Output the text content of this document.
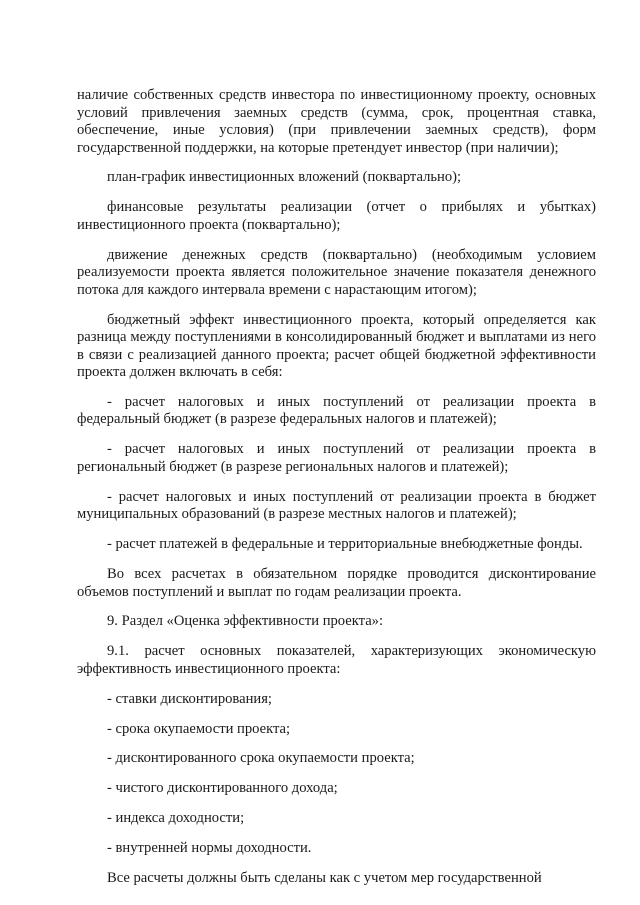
наличие собственных средств инвестора по инвестиционному проекту, основных условий привлечения заемных средств (сумма, срок, процентная ставка, обеспечение, иные условия) (при привлечении заемных средств), форм государственной поддержки, на которые претендует инвестор (при наличии);

план-график инвестиционных вложений (поквартально);

финансовые результаты реализации (отчет о прибылях и убытках) инвестиционного проекта (поквартально);

движение денежных средств (поквартально) (необходимым условием реализуемости проекта является положительное значение показателя денежного потока для каждого интервала времени с нарастающим итогом);

бюджетный эффект инвестиционного проекта, который определяется как разница между поступлениями в консолидированный бюджет и выплатами из него в связи с реализацией данного проекта; расчет общей бюджетной эффективности проекта должен включать в себя:

- расчет налоговых и иных поступлений от реализации проекта в федеральный бюджет (в разрезе федеральных налогов и платежей);

- расчет налоговых и иных поступлений от реализации проекта в региональный бюджет (в разрезе региональных налогов и платежей);

- расчет налоговых и иных поступлений от реализации проекта в бюджет муниципальных образований (в разрезе местных налогов и платежей);

- расчет платежей в федеральные и территориальные внебюджетные фонды.

Во всех расчетах в обязательном порядке проводится дисконтирование объемов поступлений и выплат по годам реализации проекта.

9. Раздел «Оценка эффективности проекта»:

9.1. расчет основных показателей, характеризующих экономическую эффективность инвестиционного проекта:

- ставки дисконтирования;

- срока окупаемости проекта;

- дисконтированного срока окупаемости проекта;

- чистого дисконтированного дохода;

- индекса доходности;

- внутренней нормы доходности.

Все расчеты должны быть сделаны как с учетом мер государственной
